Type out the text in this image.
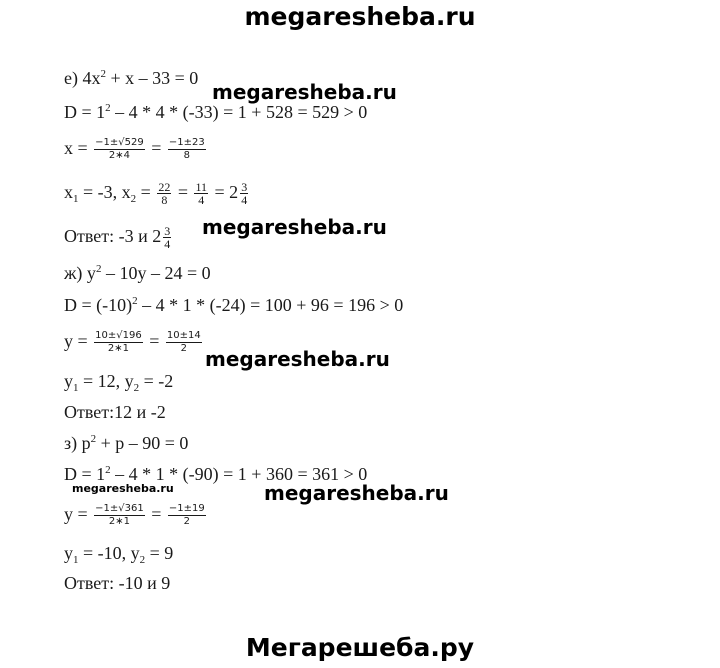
megaresheba.ru
megaresheba.ru
megaresheba.ru
megaresheba.ru
megaresheba.ru
megaresheba.ru
Мегарешеба.ру
е) $4x^2 + x - 33 = 0$
$D = 1^2 - 4 * 4 * (-33) = 1 + 528 = 529 > 0$
$x = \frac{-1\pm√529}{2∗4} = \frac{-1\pm 23}{8}$
$x_1 = -3$, $x_2 = \frac{22}{8} = \frac{11}{4} = 2 \frac{3}{4}$
Ответ: -3 и $2 \frac{3}{4}$
ж) $y^2 - 10y - 24 = 0$
$D = (-10)^2 - 4 * 1 * (-24) = 100 + 96 = 196 > 0$
$y = \frac{10\pm√196}{2∗1} = \frac{10\pm 14}{2}$
$y_1 = 12$, $y_2 = -2$
Ответ:12 и -2
з) $p^2 + p - 90 = 0$
$D = 1^2 - 4 * 1 * (-90) = 1 + 360 = 361 > 0$
$y = \frac{-1\pm√361}{2∗1} = \frac{-1\pm 19}{2}$
$y_1 = -10$, $y_2 = 9$
Ответ: -10 и 9
